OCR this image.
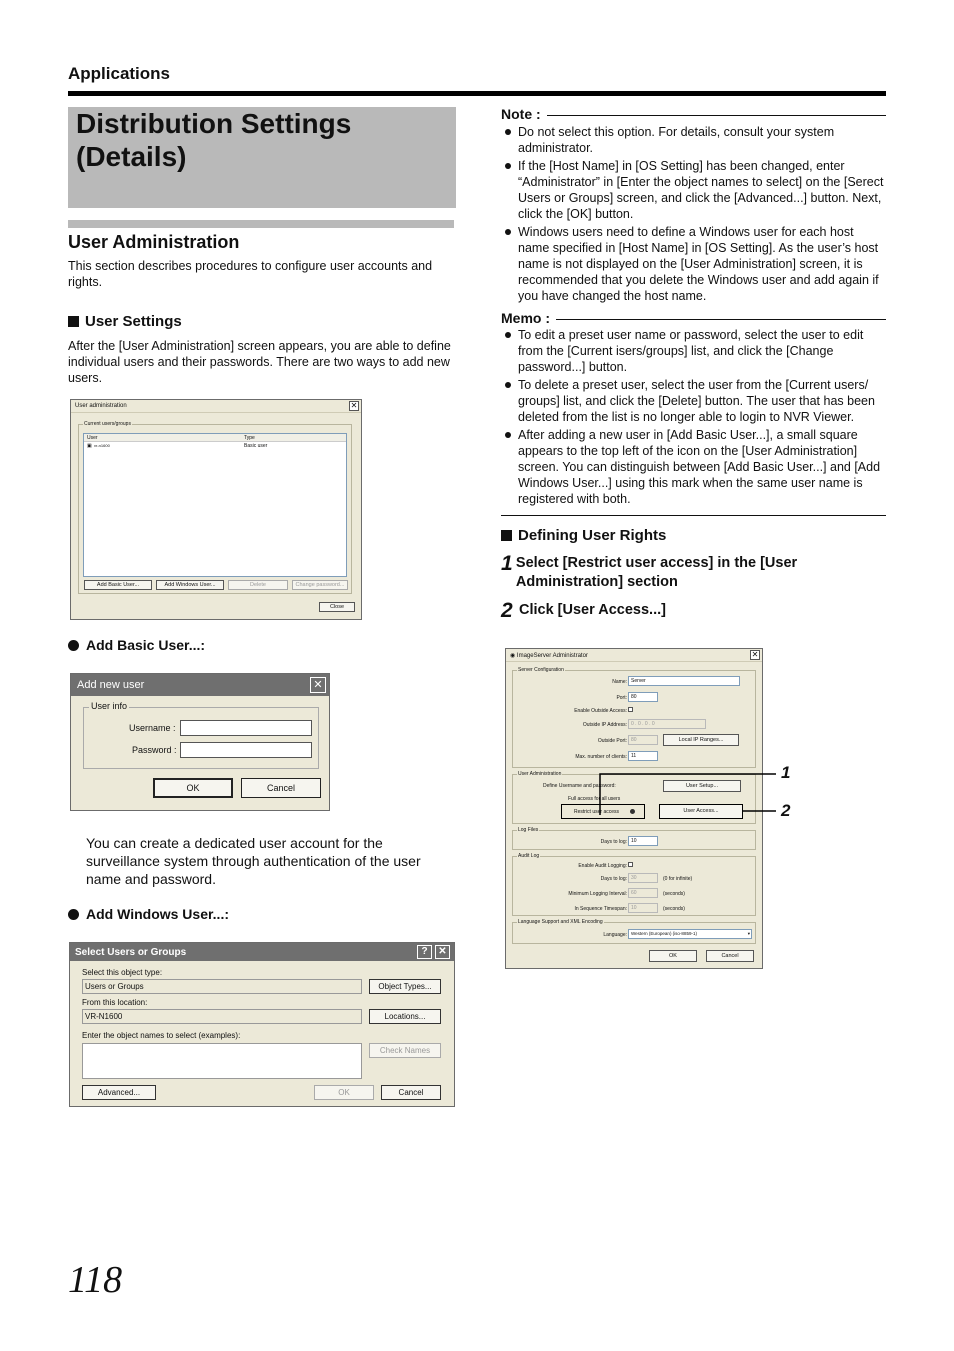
Applications
Distribution Settings
(Details)
User Administration
This section describes procedures to configure user accounts and rights.
User Settings
After the [User Administration] screen appears, you are able to define individual users and their passwords. There are two ways to add new users.
User administration	✕
Current users/groups
User	Type
▣ vr-n1600	Basic user
Add Basic User...	Add Windows User...	Delete	Change password...
Close
Add Basic User...:
Add new user	✕
User info
Username :
Password :
OK	Cancel
You can create a dedicated user account for the surveillance system through authentication of the user name and password.
Add Windows User...:
Select Users or Groups	?	✕
Select this object type:
Users or Groups	Object Types...
From this location:
VR-N1600	Locations...
Enter the object names to select (examples):
Check Names
Advanced...	OK	Cancel
Note :
Do not select this option. For details, consult your system administrator.
If the [Host Name] in [OS Setting] has been changed, enter “Administrator” in [Enter the object names to select] on the [Serect Users or Groups] screen, and click the [Advanced...] button. Next, click the [OK] button.
Windows users need to define a Windows user for each host name specified in [Host Name] in [OS Setting]. As the user’s host name is not displayed on the [User Administration] screen, it is recommended that you delete the Windows user and add again if you have changed the host name.
Memo :
To edit a preset user name or password, select the user to edit from the [Current isers/groups] list, and click the [Change password...] button.
To delete a preset user, select the user from the [Current users/ groups] list, and click the [Delete] button. The user that has been deleted from the list is no longer able to login to NVR Viewer.
After adding a new user in [Add Basic User...], a small square appears to the top left of the icon on the [User Administration] screen. You can distinguish between [Add Basic User...] and [Add Windows User...] using this mark when the same user name is registered with both.
Defining User Rights
1 Select [Restrict user access] in the [User Administration] section
2 Click [User Access...]
◉ ImageServer Administrator	✕
Server Configuration
Name: Server
Port: 80
Enable Outside Access:
Outside IP Address: 0 . 0 . 0 . 0
Outside Port: 80	Local IP Ranges...
Max. number of clients: 11
User Administration
Define Username and password:	User Setup...
Full access for all users
Restrict user access	User Access...
Log Files
Days to log: 10
Audit Log
Enable Audit Logging:
Days to log: 30	(0 for infinite)
Minimum Logging Interval: 60	(seconds)
In Sequence Timespan: 10	(seconds)
Language Support and XML Encoding
Language: Western (European) (iso-8859-1)	▾
OK	Cancel
1
2
118
